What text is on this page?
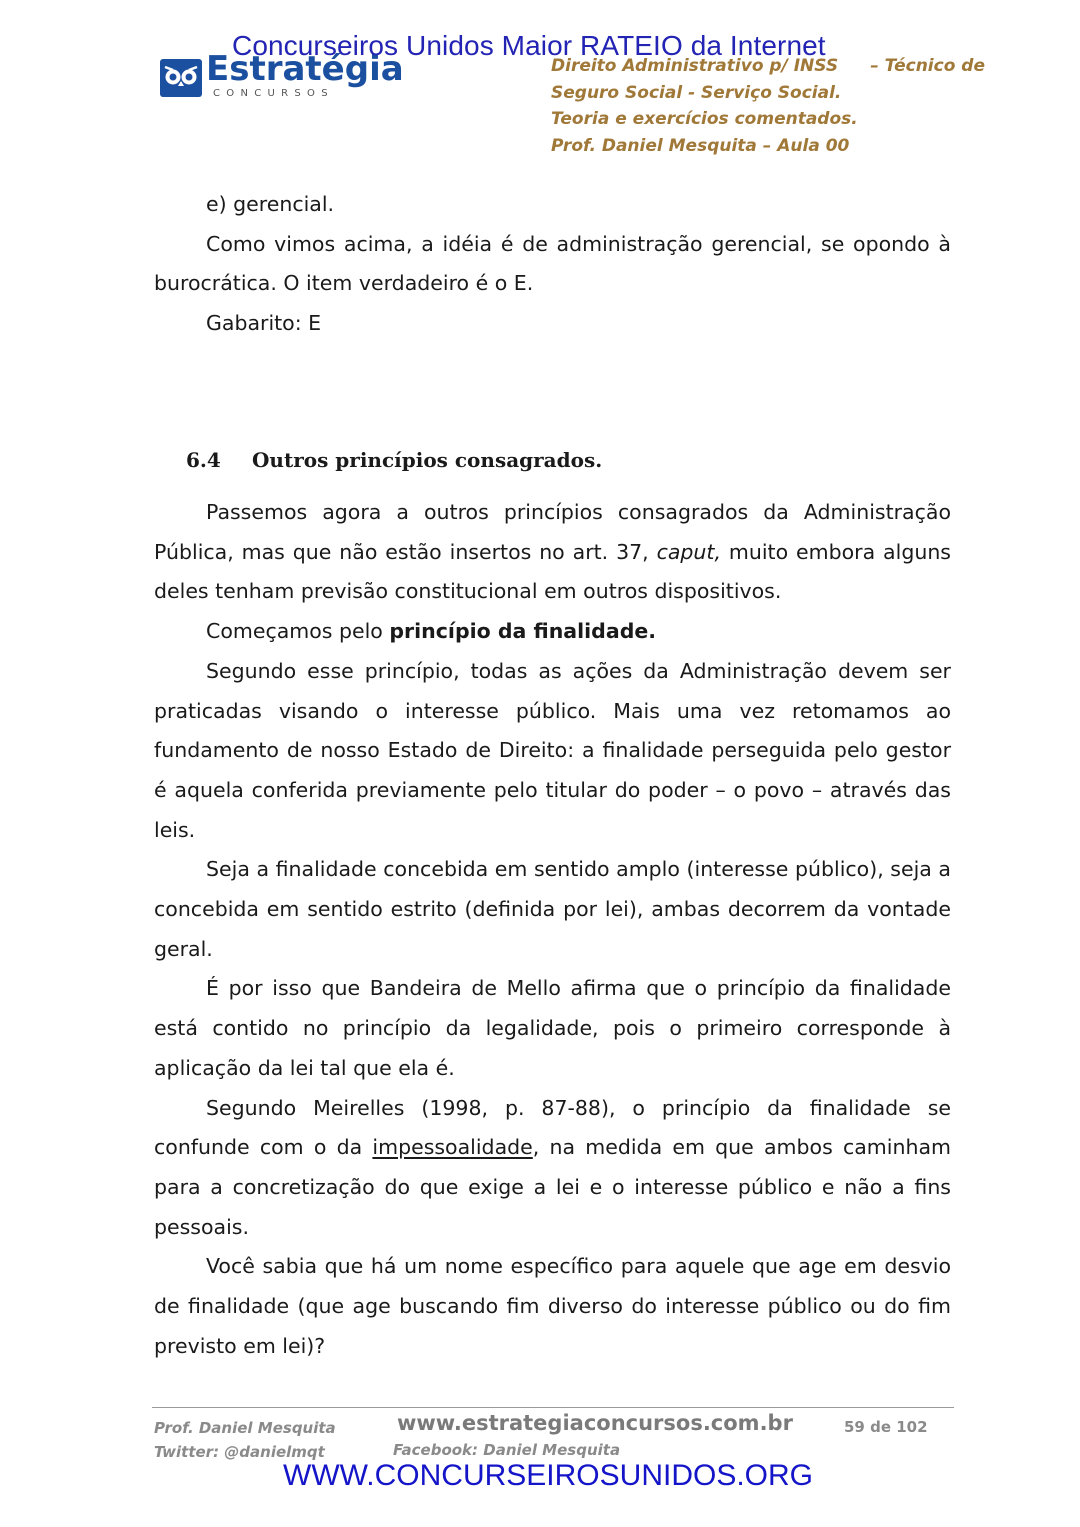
Concurseiros Unidos Maior RATEIO da Internet
Estratégia
CONCURSOS
Direito Administrativo p/ INSS – Técnico de
Seguro Social - Serviço Social.
Teoria e exercícios comentados.
Prof. Daniel Mesquita – Aula 00

e) gerencial.

Como vimos acima, a idéia é de administração gerencial, se opondo à burocrática. O item verdadeiro é o E.

Gabarito: E

6.4 Outros princípios consagrados.

Passemos agora a outros princípios consagrados da Administração Pública, mas que não estão insertos no art. 37, caput, muito embora alguns deles tenham previsão constitucional em outros dispositivos.

Começamos pelo princípio da finalidade.

Segundo esse princípio, todas as ações da Administração devem ser praticadas visando o interesse público. Mais uma vez retomamos ao fundamento de nosso Estado de Direito: a finalidade perseguida pelo gestor é aquela conferida previamente pelo titular do poder – o povo – através das leis.

Seja a finalidade concebida em sentido amplo (interesse público), seja a concebida em sentido estrito (definida por lei), ambas decorrem da vontade geral.

É por isso que Bandeira de Mello afirma que o princípio da finalidade está contido no princípio da legalidade, pois o primeiro corresponde à aplicação da lei tal que ela é.

Segundo Meirelles (1998, p. 87-88), o princípio da finalidade se confunde com o da impessoalidade, na medida em que ambos caminham para a concretização do que exige a lei e o interesse público e não a fins pessoais.

Você sabia que há um nome específico para aquele que age em desvio de finalidade (que age buscando fim diverso do interesse público ou do fim previsto em lei)?

Prof. Daniel Mesquita
Twitter: @danielmqt
www.estrategiaconcursos.com.br
Facebook: Daniel Mesquita
59 de 102
WWW.CONCURSEIROSUNIDOS.ORG
